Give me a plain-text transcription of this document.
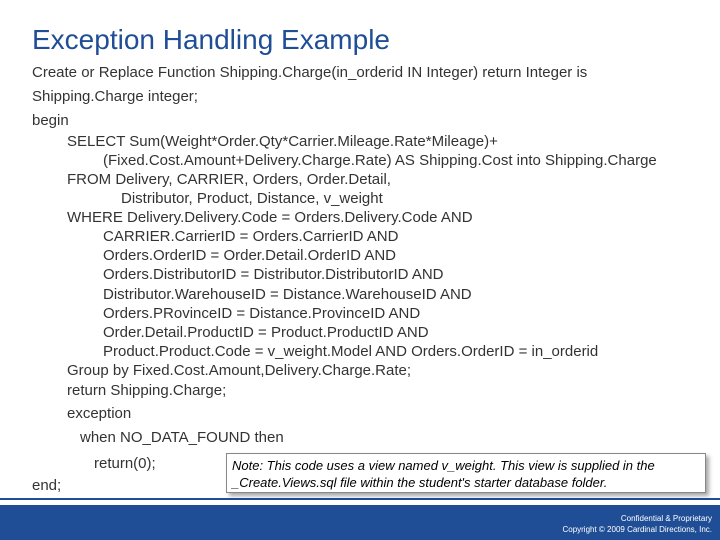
Exception Handling Example
Create or Replace Function Shipping.Charge(in_orderid IN Integer) return Integer is
Shipping.Charge integer;
begin
SELECT Sum(Weight*Order.Qty*Carrier.Mileage.Rate*Mileage)+
(Fixed.Cost.Amount+Delivery.Charge.Rate) AS Shipping.Cost into Shipping.Charge
FROM Delivery, CARRIER, Orders, Order.Detail,
Distributor, Product, Distance, v_weight
WHERE Delivery.Delivery.Code = Orders.Delivery.Code AND
CARRIER.CarrierID = Orders.CarrierID AND
Orders.OrderID = Order.Detail.OrderID AND
Orders.DistributorID = Distributor.DistributorID AND
Distributor.WarehouseID = Distance.WarehouseID AND
Orders.PRovinceID = Distance.ProvinceID AND
Order.Detail.ProductID = Product.ProductID AND
Product.Product.Code = v_weight.Model AND Orders.OrderID = in_orderid
Group by Fixed.Cost.Amount,Delivery.Charge.Rate;
return Shipping.Charge;
exception
when NO_DATA_FOUND then
return(0);
end;
Note: This code uses a view named v_weight. This view is supplied in the
_Create.Views.sql file within the student's starter database folder.
Confidential & Proprietary
Copyright © 2009 Cardinal Directions, Inc.
